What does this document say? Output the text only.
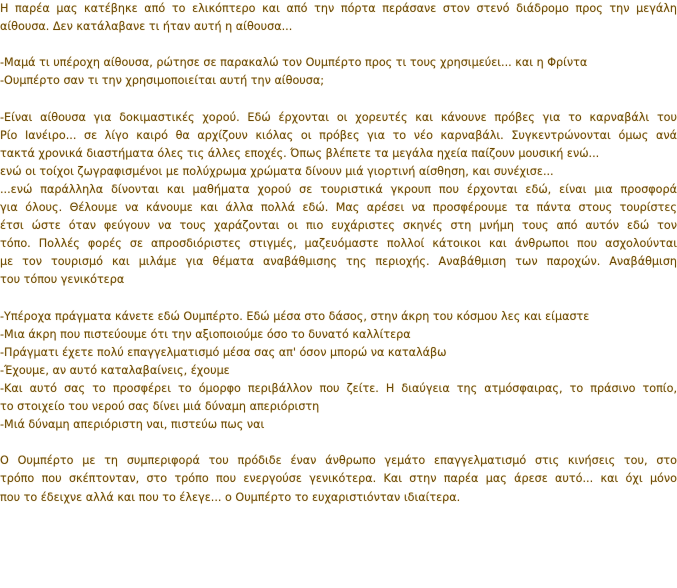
Η παρέα μας κατέβηκε από το ελικόπτερο και από την πόρτα περάσανε στον στενό διάδρομο προς την μεγάλη
αίθουσα. Δεν κατάλαβανε τι ήταν αυτή η αίθουσα...
-Μαμά τι υπέροχη αίθουσα, ρώτησε σε παρακαλώ τον Ουμπέρτο προς τι τους χρησιμεύει... και η Φρίντα
-Ουμπέρτο σαν τι την χρησιμοποιείται αυτή την αίθουσα;
-Είναι αίθουσα για δοκιμαστικές χορού. Εδώ έρχονται οι χορευτές και κάνουνε πρόβες για το καρναβάλι του
Ρίο Ιανέιρο... σε λίγο καιρό θα αρχίζουν κιόλας οι πρόβες για το νέο καρναβάλι. Συγκεντρώνονται όμως ανά
τακτά χρονικά διαστήματα όλες τις άλλες εποχές. Όπως βλέπετε τα μεγάλα ηχεία παίζουν μουσική ενώ...
ενώ οι τοίχοι ζωγραφισμένοι με πολύχρωμα χρώματα δίνουν μιά γιορτινή αίσθηση, και συνέχισε...
...ενώ παράλληλα δίνονται και μαθήματα χορού σε τουριστικά γκρουπ που έρχονται εδώ, είναι μια προσφορά
για όλους. Θέλουμε να κάνουμε και άλλα πολλά εδώ. Μας αρέσει να προσφέρουμε τα πάντα στους τουρίστες
έτσι ώστε όταν φεύγουν να τους χαράζονται οι πιο ευχάριστες σκηνές στη μνήμη τους από αυτόν εδώ τον
τόπο. Πολλές φορές σε απροσδιόριστες στιγμές, μαζευόμαστε πολλοί κάτοικοι και άνθρωποι που ασχολούνται
με τον τουρισμό και μιλάμε για θέματα αναβάθμισης της περιοχής. Αναβάθμιση των παροχών. Αναβάθμιση
του τόπου γενικότερα
-Υπέροχα πράγματα κάνετε εδώ Ουμπέρτο. Εδώ μέσα στο δάσος, στην άκρη του κόσμου λες και είμαστε
-Μια άκρη που πιστεύουμε ότι την αξιοποιούμε όσο το δυνατό καλλίτερα
-Πράγματι έχετε πολύ επαγγελματισμό μέσα σας απ' όσον μπορώ να καταλάβω
-Έχουμε, αν αυτό καταλαβαίνεις, έχουμε
-Και αυτό σας το προσφέρει το όμορφο περιβάλλον που ζείτε. Η διαύγεια της ατμόσφαιρας, το πράσινο τοπίο,
το στοιχείο του νερού σας δίνει μιά δύναμη απεριόριστη
-Μιά δύναμη απεριόριστη ναι, πιστεύω πως ναι
Ο Ουμπέρτο με τη συμπεριφορά του πρόδιδε έναν άνθρωπο γεμάτο επαγγελματισμό στις κινήσεις του, στο
τρόπο που σκέπτονταν, στο τρόπο που ενεργούσε γενικότερα. Και στην παρέα μας άρεσε αυτό... και όχι μόνο
που το έδειχνε αλλά και που το έλεγε... ο Ουμπέρτο το ευχαριστιόνταν ιδιαίτερα.
